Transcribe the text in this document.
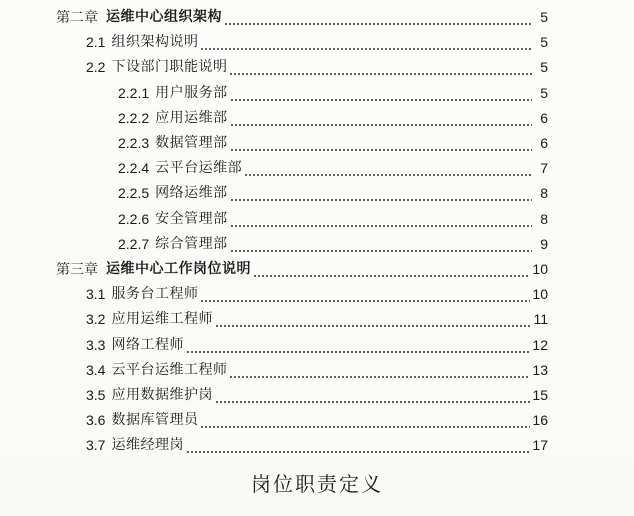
第二章 运维中心组织架构	5
2.1 组织架构说明	5
2.2 下设部门职能说明	5
2.2.1 用户服务部	5
2.2.2 应用运维部	6
2.2.3 数据管理部	6
2.2.4 云平台运维部	7
2.2.5 网络运维部	8
2.2.6 安全管理部	8
2.2.7 综合管理部	9
第三章 运维中心工作岗位说明	10
3.1 服务台工程师	10
3.2 应用运维工程师	11
3.3 网络工程师	12
3.4 云平台运维工程师	13
3.5 应用数据维护岗	15
3.6 数据库管理员	16
3.7 运维经理岗	17
岗位职责定义
